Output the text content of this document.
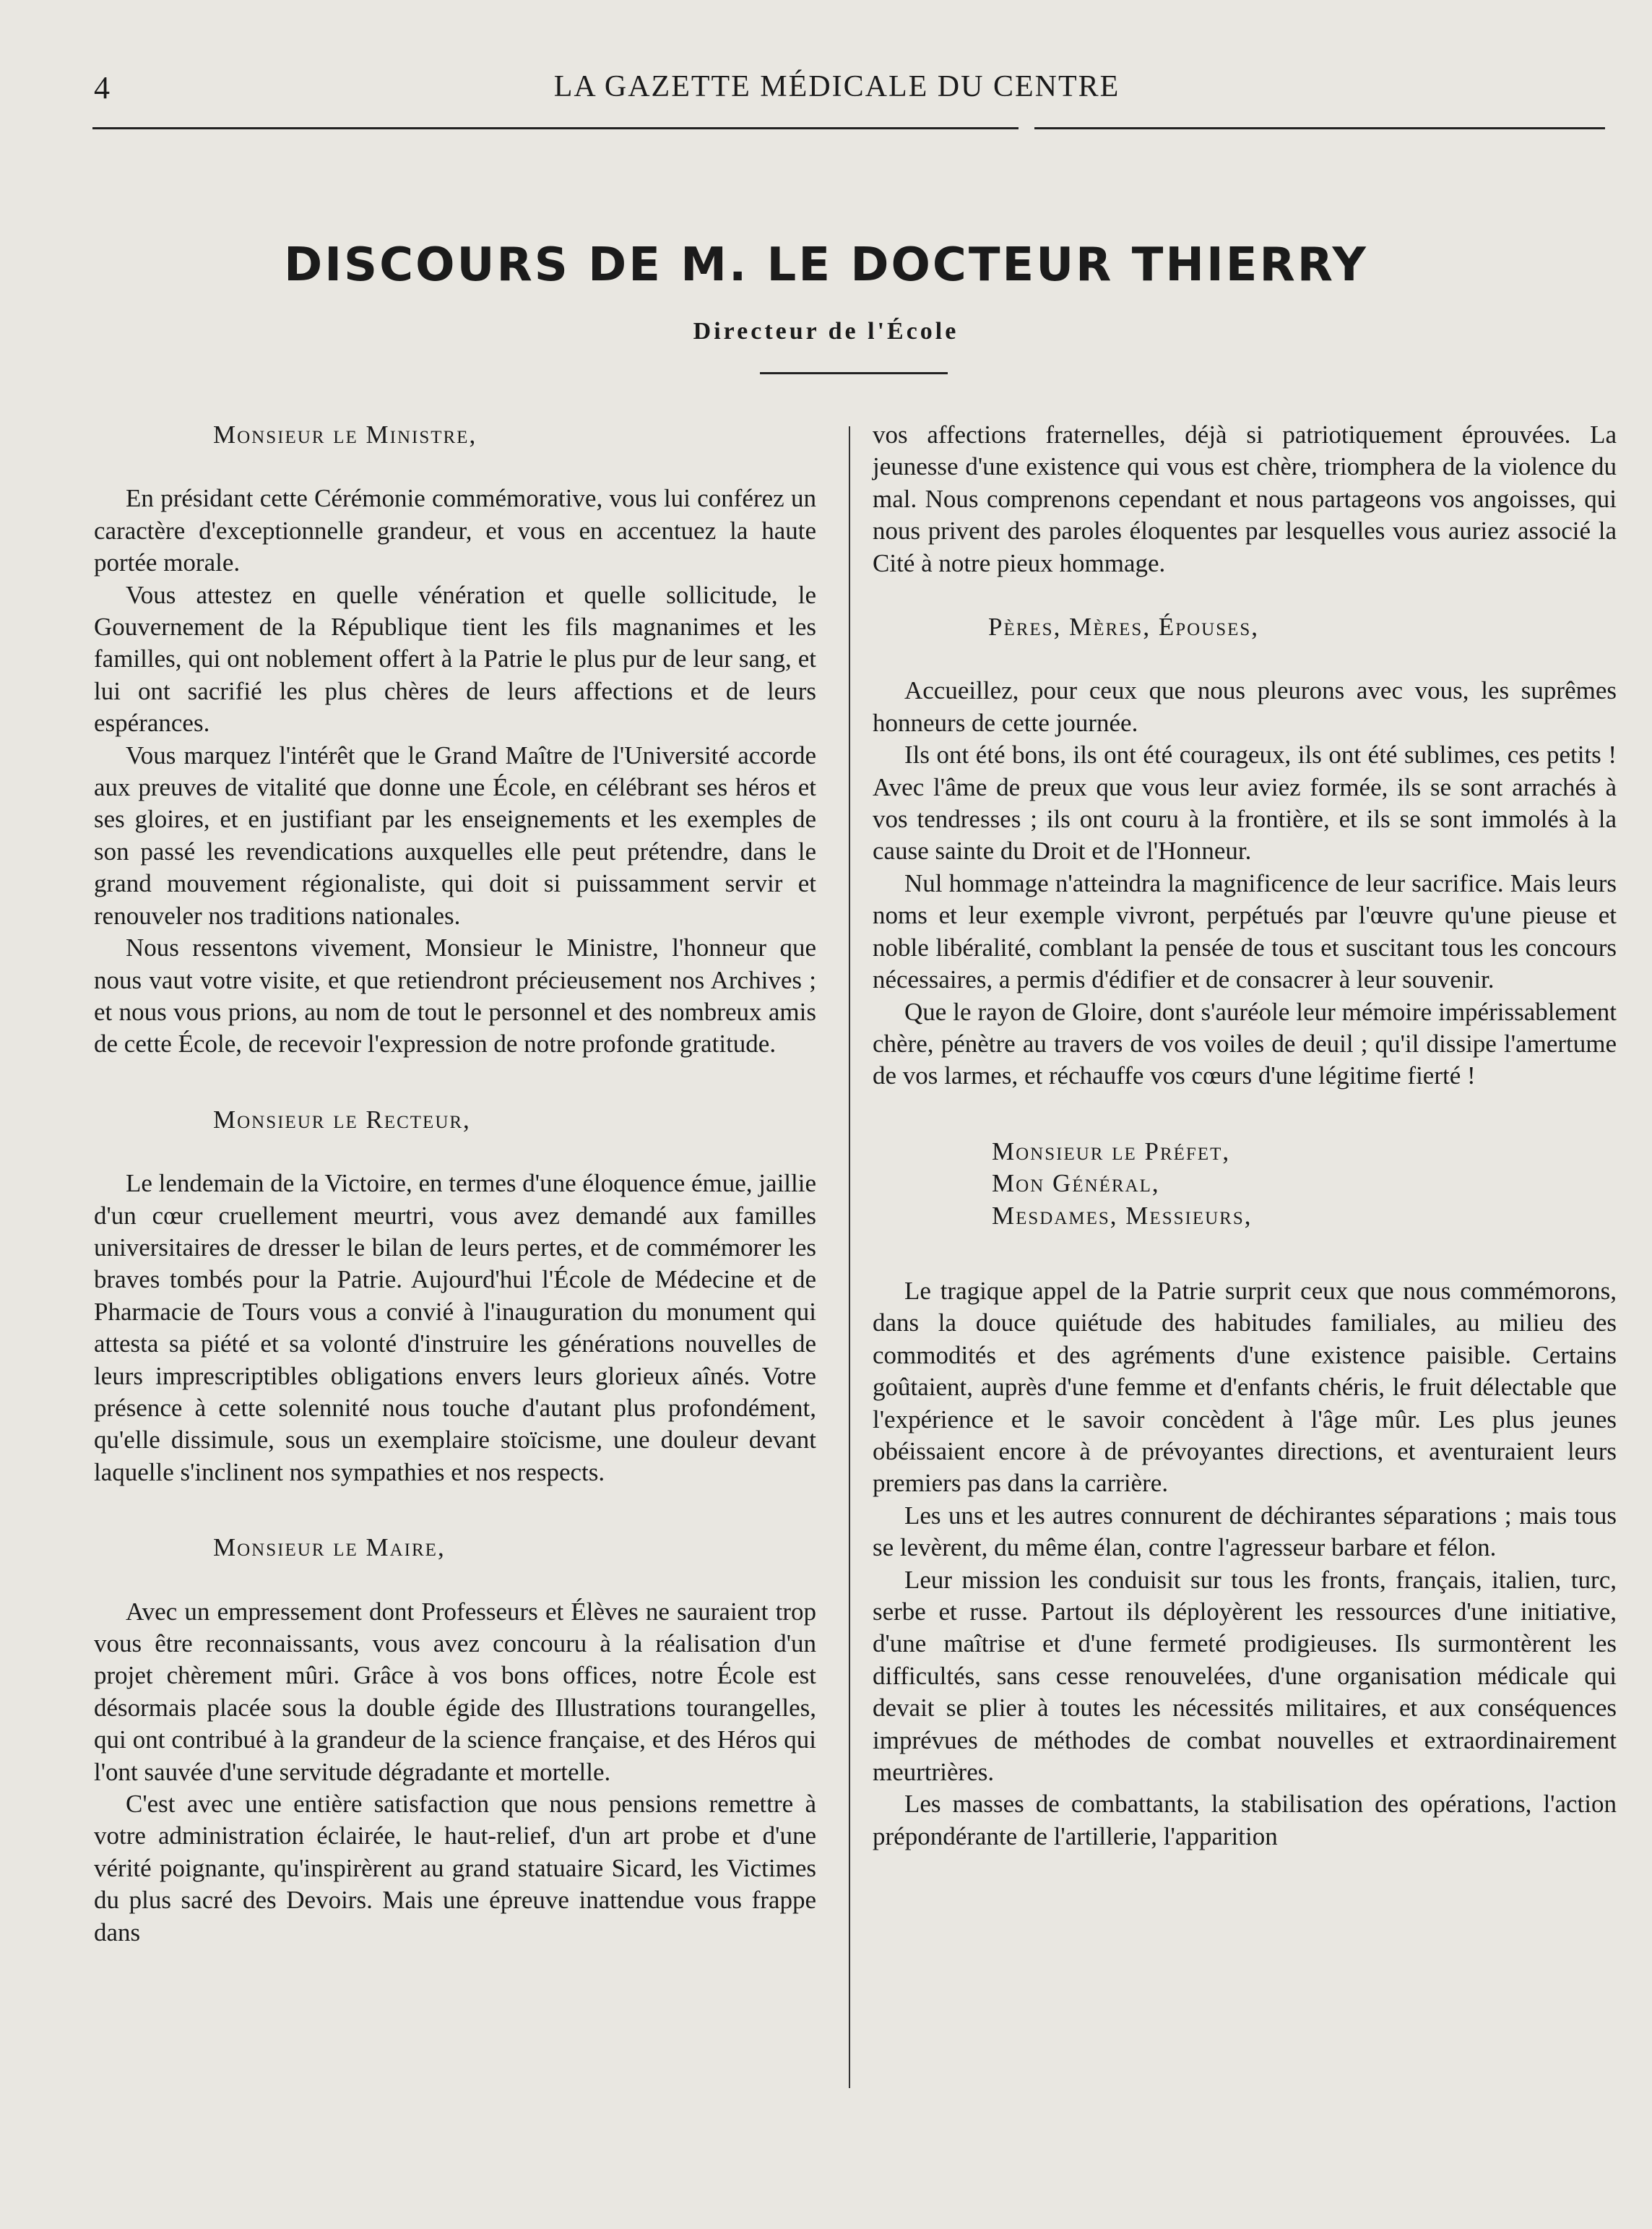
4	LA GAZETTE MÉDICALE DU CENTRE
DISCOURS DE M. LE DOCTEUR THIERRY
Directeur de l'École

Monsieur le Ministre,

En présidant cette Cérémonie commémorative, vous lui conférez un caractère d'exceptionnelle grandeur, et vous en accentuez la haute portée morale.

Vous attestez en quelle vénération et quelle sollicitude, le Gouvernement de la République tient les fils magnanimes et les familles, qui ont noblement offert à la Patrie le plus pur de leur sang, et lui ont sacrifié les plus chères de leurs affections et de leurs espérances.

Vous marquez l'intérêt que le Grand Maître de l'Université accorde aux preuves de vitalité que donne une École, en célébrant ses héros et ses gloires, et en justifiant par les enseignements et les exemples de son passé les revendications auxquelles elle peut prétendre, dans le grand mouvement régionaliste, qui doit si puissamment servir et renouveler nos traditions nationales.

Nous ressentons vivement, Monsieur le Ministre, l'honneur que nous vaut votre visite, et que retiendront précieusement nos Archives ; et nous vous prions, au nom de tout le personnel et des nombreux amis de cette École, de recevoir l'expression de notre profonde gratitude.

Monsieur le Recteur,

Le lendemain de la Victoire, en termes d'une éloquence émue, jaillie d'un cœur cruellement meurtri, vous avez demandé aux familles universitaires de dresser le bilan de leurs pertes, et de commémorer les braves tombés pour la Patrie. Aujourd'hui l'École de Médecine et de Pharmacie de Tours vous a convié à l'inauguration du monument qui attesta sa piété et sa volonté d'instruire les générations nouvelles de leurs imprescriptibles obligations envers leurs glorieux aînés. Votre présence à cette solennité nous touche d'autant plus profondément, qu'elle dissimule, sous un exemplaire stoïcisme, une douleur devant laquelle s'inclinent nos sympathies et nos respects.

Monsieur le Maire,

Avec un empressement dont Professeurs et Élèves ne sauraient trop vous être reconnaissants, vous avez concouru à la réalisation d'un projet chèrement mûri. Grâce à vos bons offices, notre École est désormais placée sous la double égide des Illustrations tourangelles, qui ont contribué à la grandeur de la science française, et des Héros qui l'ont sauvée d'une servitude dégradante et mortelle.

C'est avec une entière satisfaction que nous pensions remettre à votre administration éclairée, le haut-relief, d'un art probe et d'une vérité poignante, qu'inspirèrent au grand statuaire Sicard, les Victimes du plus sacré des Devoirs. Mais une épreuve inattendue vous frappe dans

vos affections fraternelles, déjà si patriotiquement éprouvées. La jeunesse d'une existence qui vous est chère, triomphera de la violence du mal. Nous comprenons cependant et nous partageons vos angoisses, qui nous privent des paroles éloquentes par lesquelles vous auriez associé la Cité à notre pieux hommage.

Pères, Mères, Épouses,

Accueillez, pour ceux que nous pleurons avec vous, les suprêmes honneurs de cette journée.

Ils ont été bons, ils ont été courageux, ils ont été sublimes, ces petits ! Avec l'âme de preux que vous leur aviez formée, ils se sont arrachés à vos tendresses ; ils ont couru à la frontière, et ils se sont immolés à la cause sainte du Droit et de l'Honneur.

Nul hommage n'atteindra la magnificence de leur sacrifice. Mais leurs noms et leur exemple vivront, perpétués par l'œuvre qu'une pieuse et noble libéralité, comblant la pensée de tous et suscitant tous les concours nécessaires, a permis d'édifier et de consacrer à leur souvenir.

Que le rayon de Gloire, dont s'auréole leur mémoire impérissablement chère, pénètre au travers de vos voiles de deuil ; qu'il dissipe l'amertume de vos larmes, et réchauffe vos cœurs d'une légitime fierté !

Monsieur le Préfet,

Mon Général,

Mesdames, Messieurs,

Le tragique appel de la Patrie surprit ceux que nous commémorons, dans la douce quiétude des habitudes familiales, au milieu des commodités et des agréments d'une existence paisible. Certains goûtaient, auprès d'une femme et d'enfants chéris, le fruit délectable que l'expérience et le savoir concèdent à l'âge mûr. Les plus jeunes obéissaient encore à de prévoyantes directions, et aventuraient leurs premiers pas dans la carrière.

Les uns et les autres connurent de déchirantes séparations ; mais tous se levèrent, du même élan, contre l'agresseur barbare et félon.

Leur mission les conduisit sur tous les fronts, français, italien, turc, serbe et russe. Partout ils déployèrent les ressources d'une initiative, d'une maîtrise et d'une fermeté prodigieuses. Ils surmontèrent les difficultés, sans cesse renouvelées, d'une organisation médicale qui devait se plier à toutes les nécessités militaires, et aux conséquences imprévues de méthodes de combat nouvelles et extraordinairement meurtrières.

Les masses de combattants, la stabilisation des opérations, l'action prépondérante de l'artillerie, l'apparition
